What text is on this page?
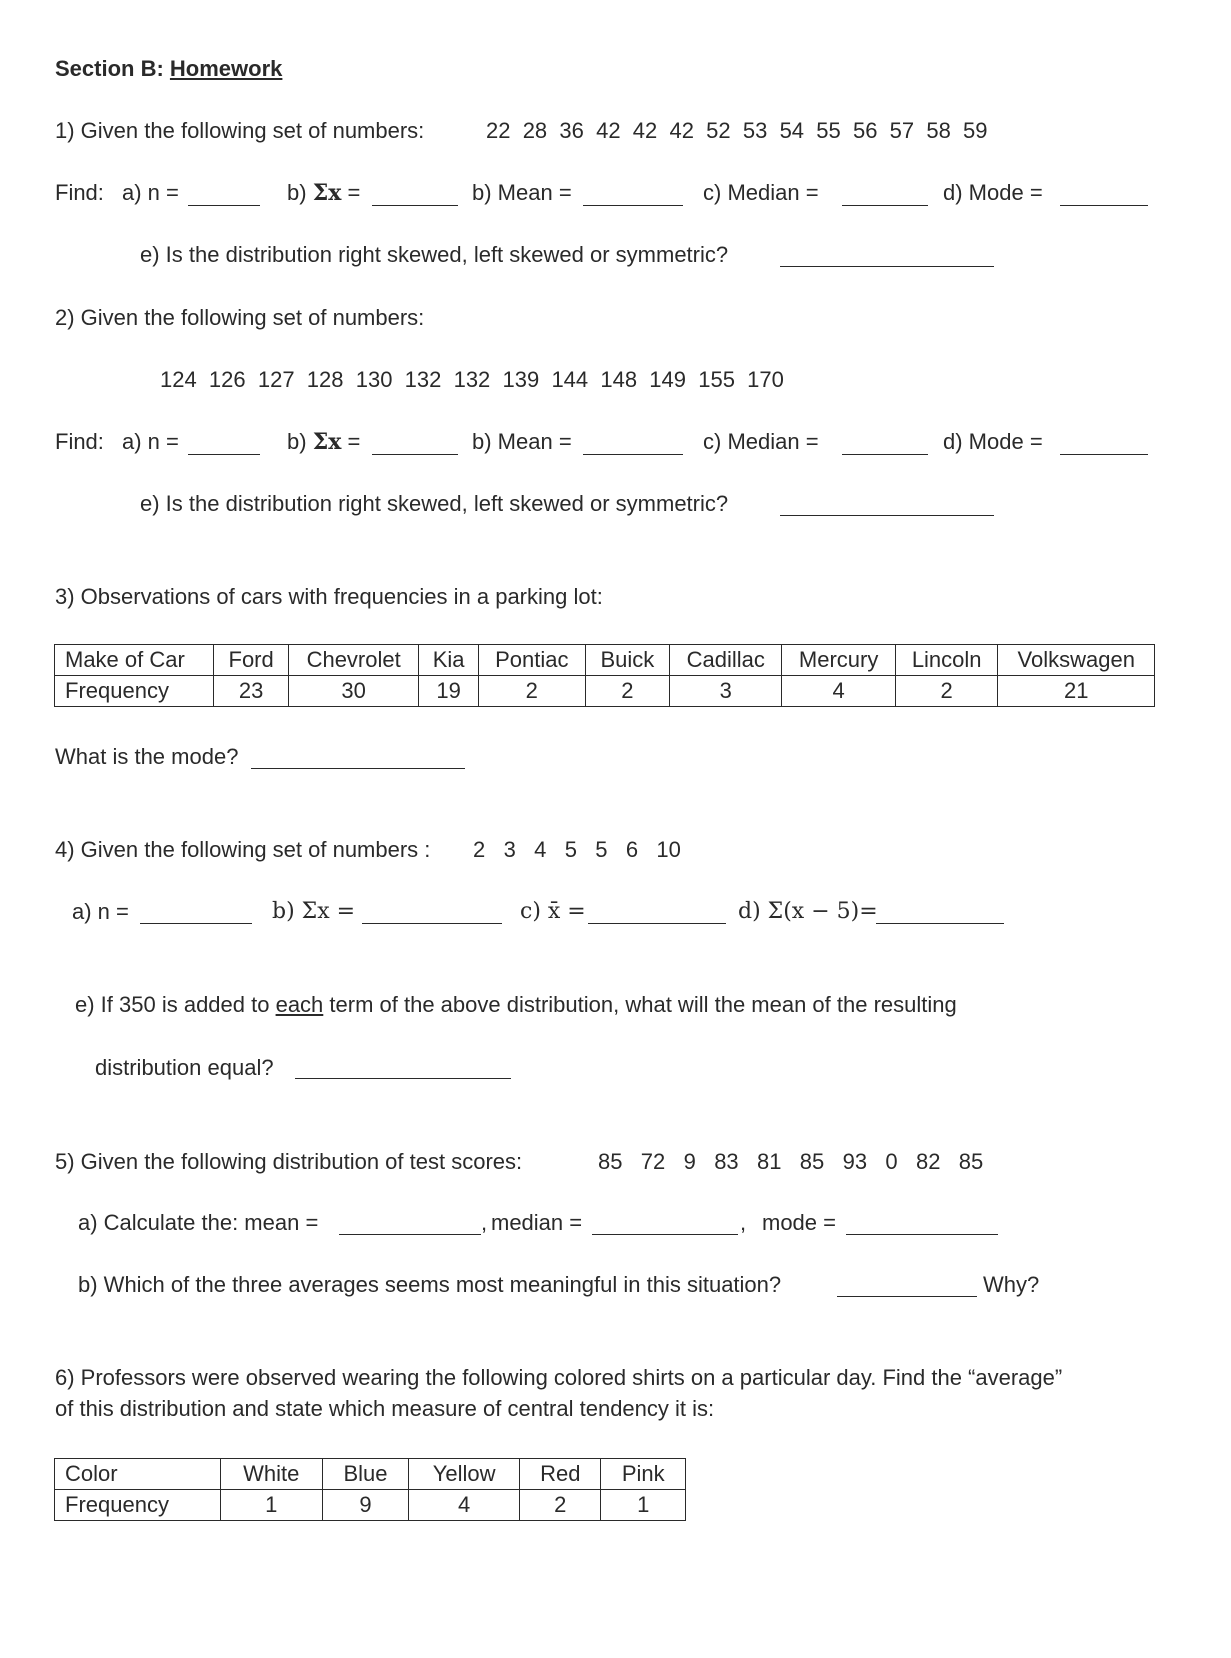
Section B: Homework
1) Given the following set of numbers:	22  28  36  42  42  42  52  53  54  55  56  57  58  59
Find: a) n =	b) Σx =	b) Mean =	c) Median =	d) Mode =
e) Is the distribution right skewed, left skewed or symmetric?
2) Given the following set of numbers:
124  126  127  128  130  132  132  139  144  148  149  155  170
Find: a) n =	b) Σx =	b) Mean =	c) Median =	d) Mode =
e) Is the distribution right skewed, left skewed or symmetric?
3) Observations of cars with frequencies in a parking lot:
Make of Car	Ford	Chevrolet	Kia	Pontiac	Buick	Cadillac	Mercury	Lincoln	Volkswagen
Frequency	23	30	19	2	2	3	4	2	21
What is the mode?
4) Given the following set of numbers : 2   3   4   5   5   6   10
a) n =	b) Σx =	c) x̄ =	d) Σ(x − 5)=
e) If 350 is added to each term of the above distribution, what will the mean of the resulting
distribution equal?
5) Given the following distribution of test scores:	85   72   9   83   81   85   93   0   82   85
a) Calculate the: mean =	, median =	, mode =
b) Which of the three averages seems most meaningful in this situation?	Why?
6) Professors were observed wearing the following colored shirts on a particular day. Find the “average”
of this distribution and state which measure of central tendency it is:
Color	White	Blue	Yellow	Red	Pink
Frequency	1	9	4	2	1
